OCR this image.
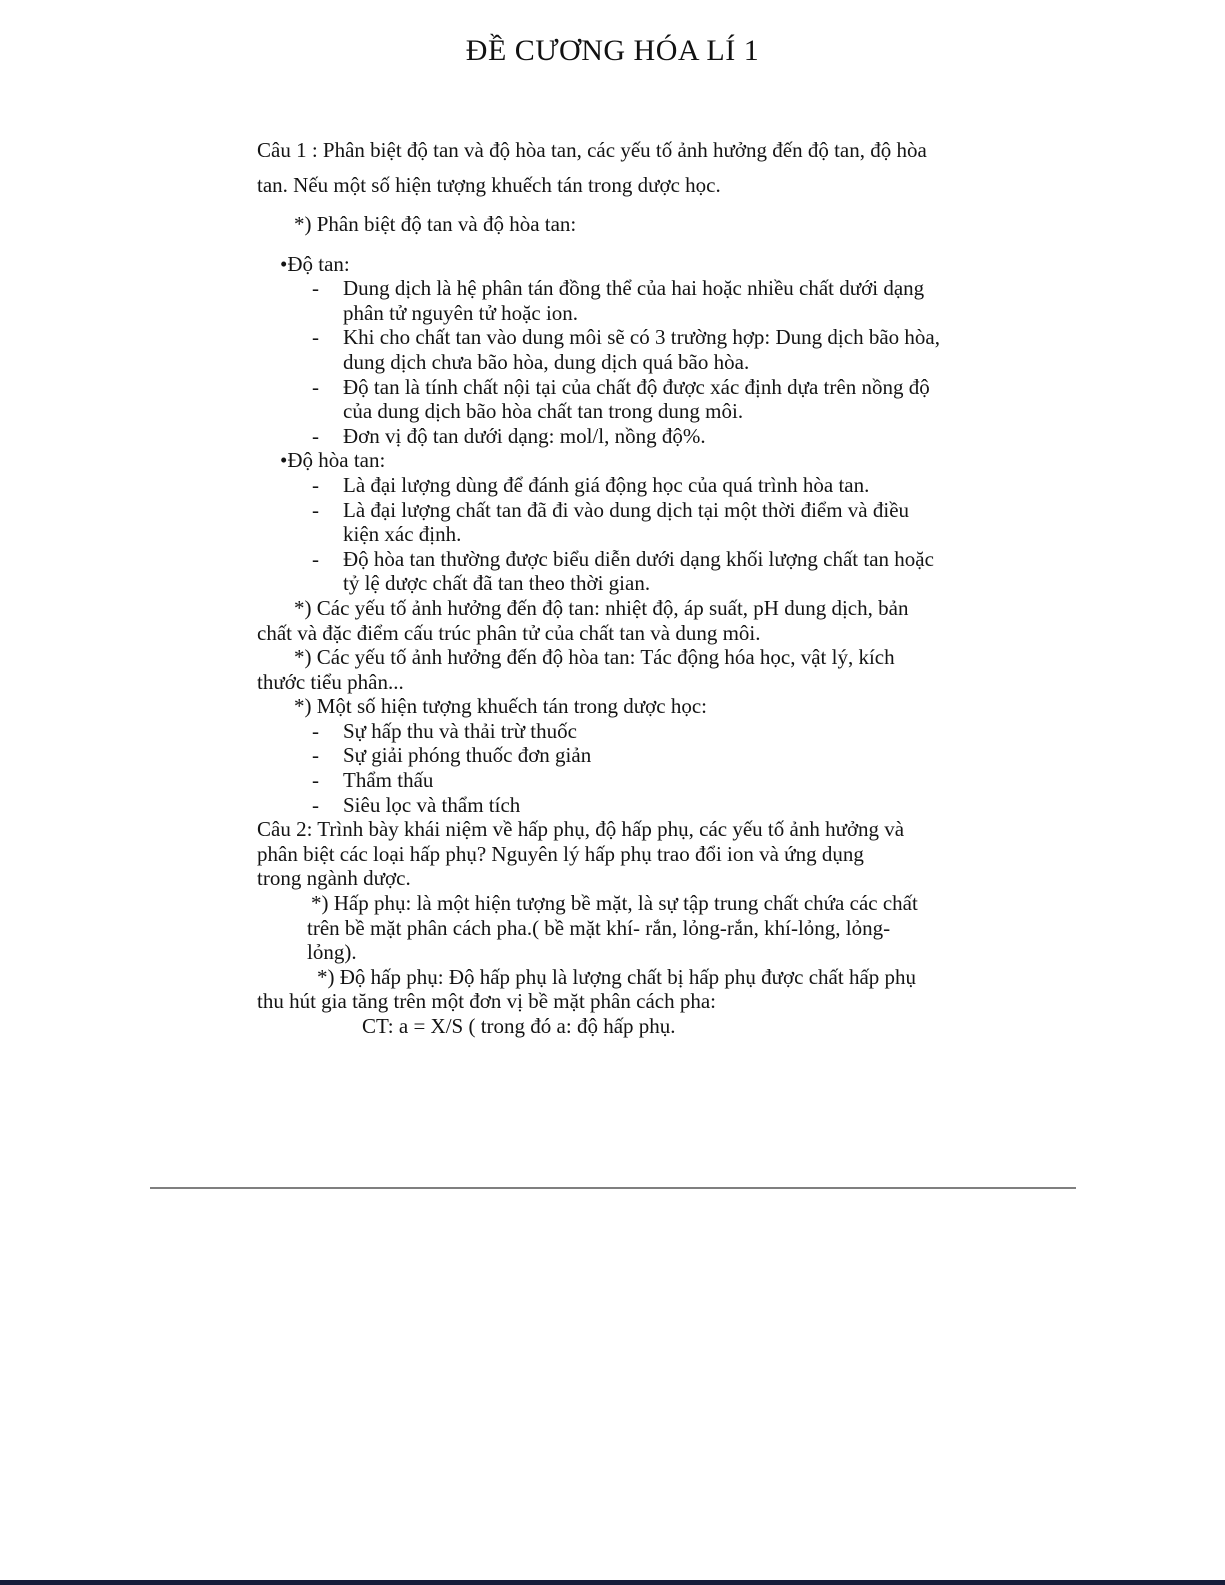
ĐỀ CƯƠNG HÓA LÍ 1
Câu 1 : Phân biệt độ tan và độ hòa tan, các yếu tố ảnh hưởng đến độ tan, độ hòa
tan. Nếu một số hiện tượng khuếch tán trong dược học.
*) Phân biệt độ tan và độ hòa tan:
•Độ tan:
- Dung dịch là hệ phân tán đồng thể của hai hoặc nhiều chất dưới dạng
phân tử nguyên tử hoặc ion.
- Khi cho chất tan vào dung môi sẽ có 3 trường hợp: Dung dịch bão hòa,
dung dịch chưa bão hòa, dung dịch quá bão hòa.
- Độ tan là tính chất nội tại của chất độ được xác định dựa trên nồng độ
của dung dịch bão hòa chất tan trong dung môi.
- Đơn vị độ tan dưới dạng: mol/l, nồng độ%.
•Độ hòa tan:
- Là đại lượng dùng để đánh giá động học của quá trình hòa tan.
- Là đại lượng chất tan đã đi vào dung dịch tại một thời điểm và điều
kiện xác định.
- Độ hòa tan thường được biểu diễn dưới dạng khối lượng chất tan hoặc
tỷ lệ dược chất đã tan theo thời gian.
*) Các yếu tố ảnh hưởng đến độ tan: nhiệt độ, áp suất, pH dung dịch, bản
chất và đặc điểm cấu trúc phân tử của chất tan và dung môi.
*) Các yếu tố ảnh hưởng đến độ hòa tan: Tác động hóa học, vật lý, kích
thước tiểu phân...
*) Một số hiện tượng khuếch tán trong dược học:
- Sự hấp thu và thải trừ thuốc
- Sự giải phóng thuốc đơn giản
- Thẩm thấu
- Siêu lọc và thẩm tích
Câu 2: Trình bày khái niệm về hấp phụ, độ hấp phụ, các yếu tố ảnh hưởng và
phân biệt các loại hấp phụ? Nguyên lý hấp phụ trao đổi ion và ứng dụng
trong ngành dược.
*) Hấp phụ: là một hiện tượng bề mặt, là sự tập trung chất chứa các chất
trên bề mặt phân cách pha.( bề mặt khí- rắn, lỏng-rắn, khí-lỏng, lỏng-
lỏng).
*) Độ hấp phụ: Độ hấp phụ là lượng chất bị hấp phụ được chất hấp phụ
thu hút gia tăng trên một đơn vị bề mặt phân cách pha:
CT: a = X/S ( trong đó a: độ hấp phụ.
